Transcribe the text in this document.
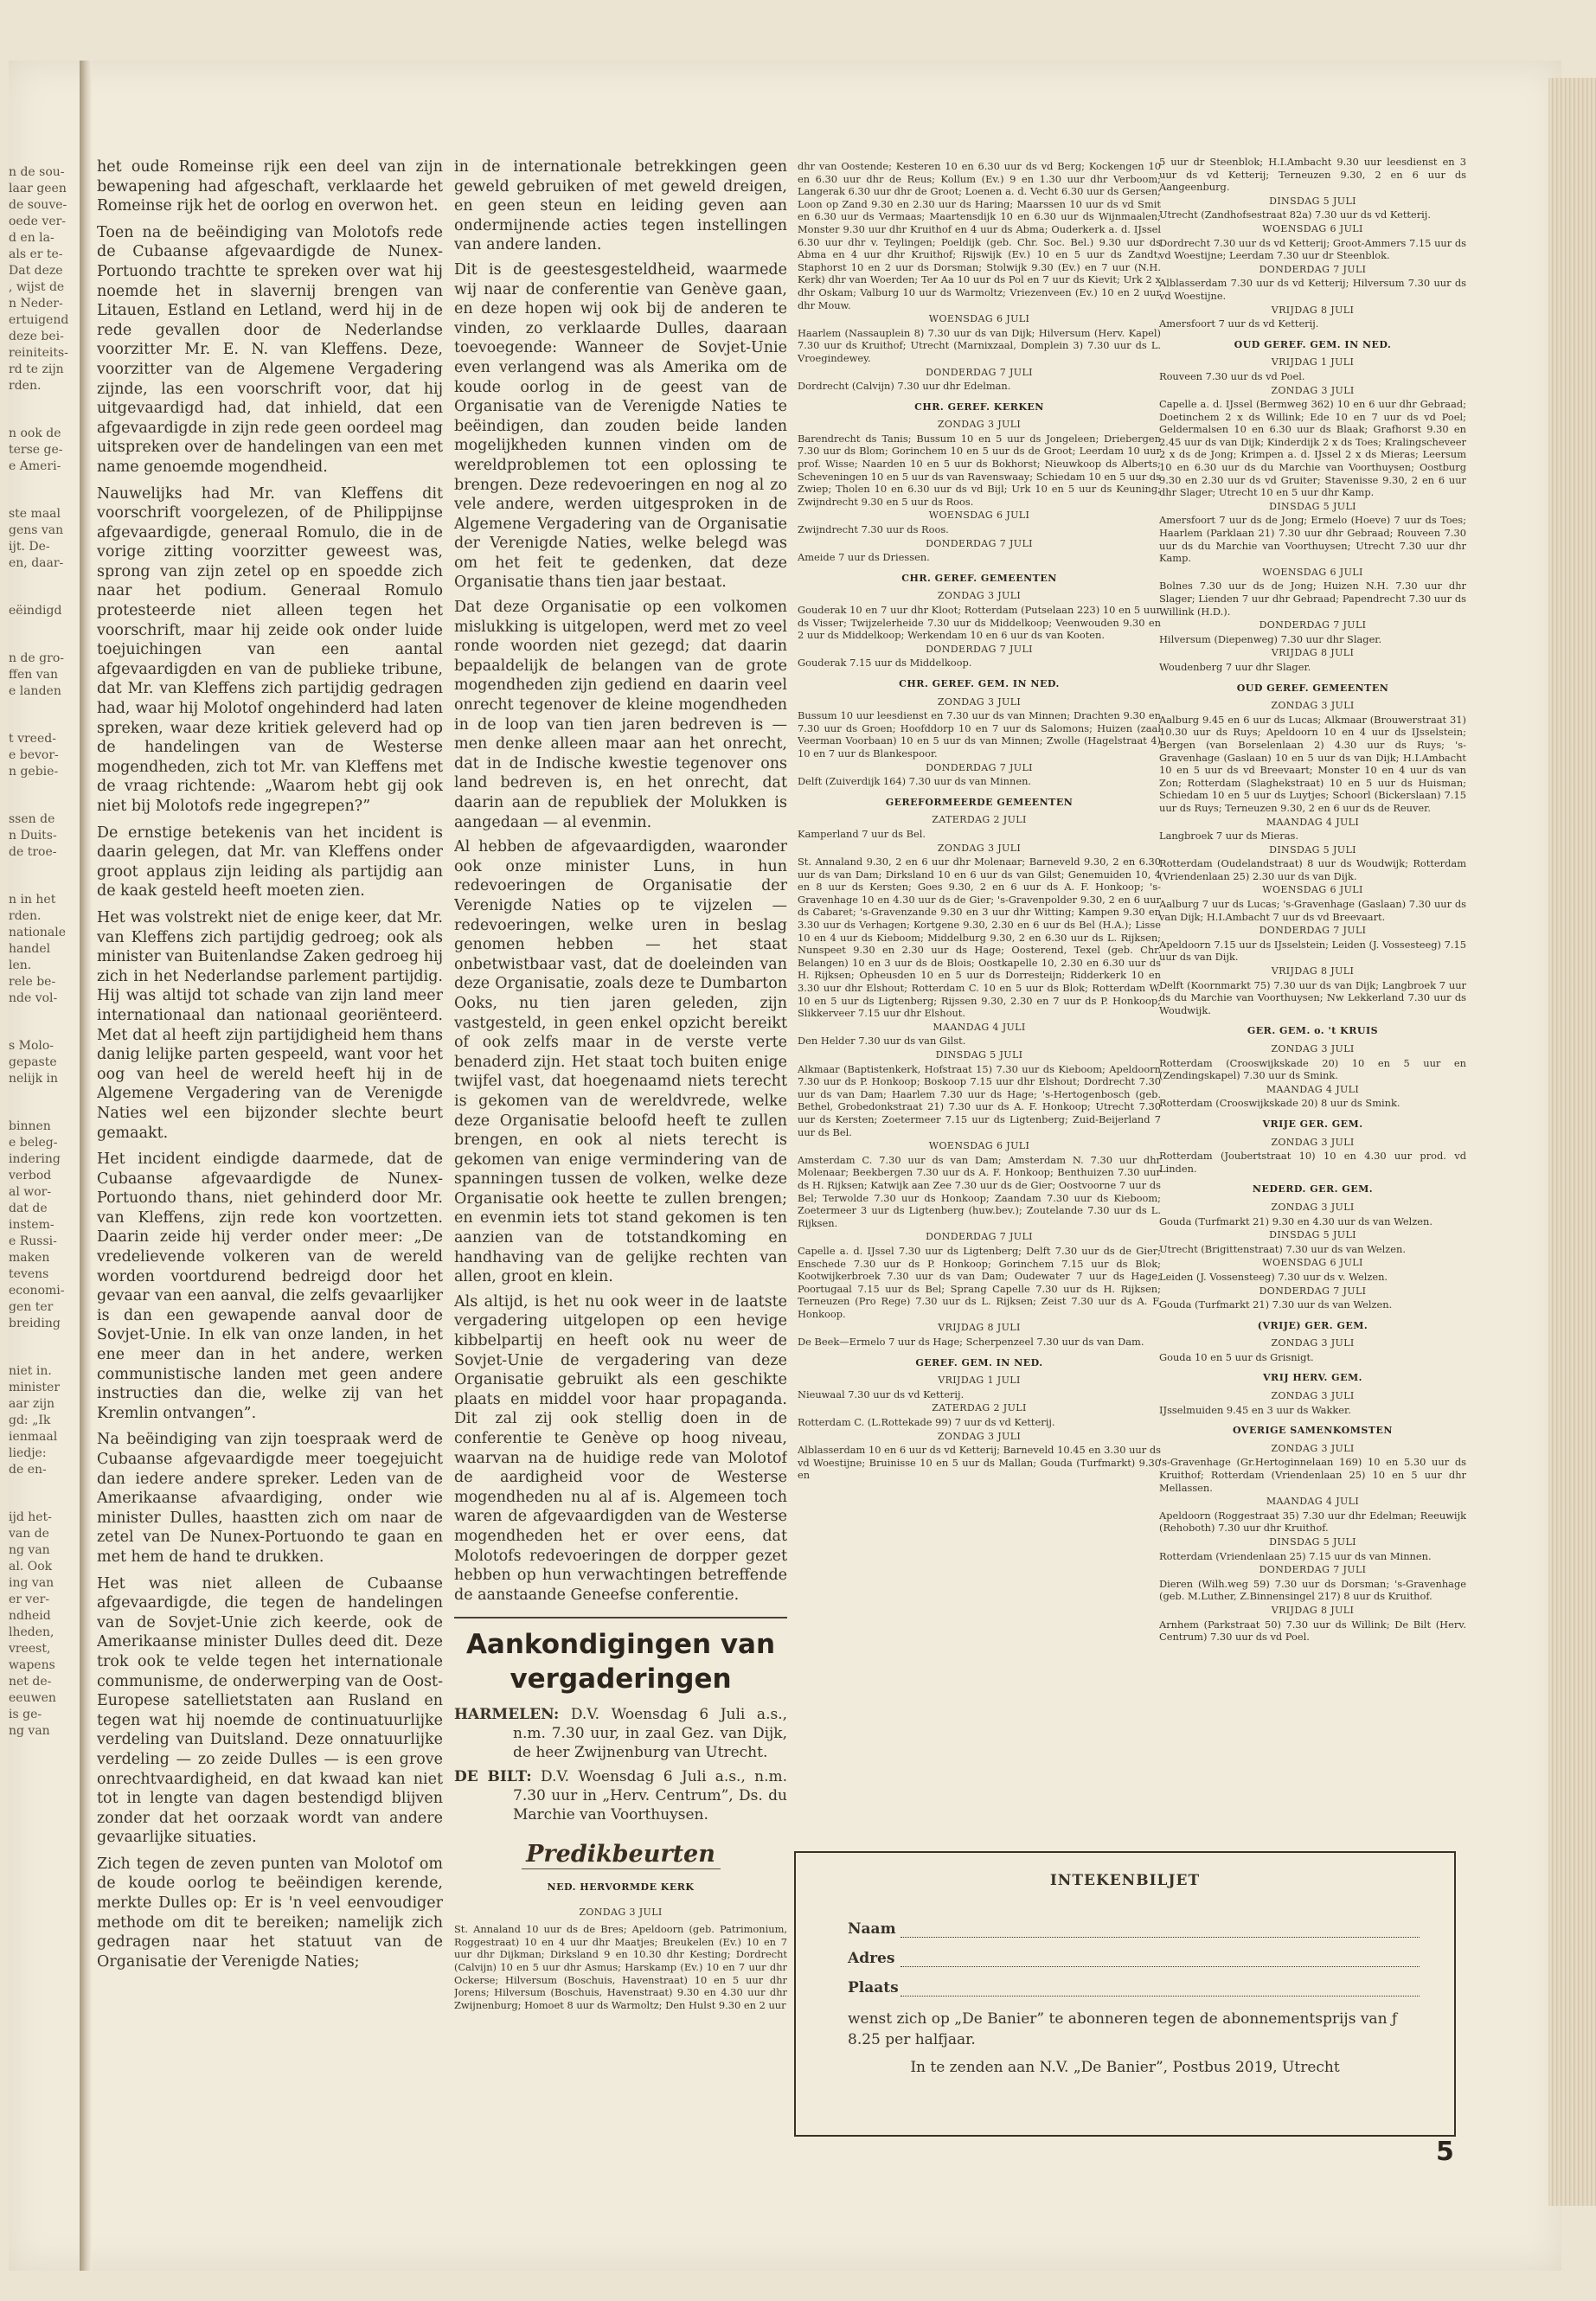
n de sou-
laar geen
de souve-
oede ver-
d en la-
als er te-
Dat deze
, wijst de
n Neder-
ertuigend
deze bei-
reiniteits-
rd te zijn
rden.

n ook de
terse ge-
e Ameri-

ste maal
gens van
ijt. De-
en, daar-

eëindigd

n de gro-
ffen van
e landen

t vreed-
e bevor-
n gebie-

ssen de
n Duits-
de troe-

n in het
rden.
nationale
handel
len.
rele be-
nde vol-

s Molo-
gepaste
nelijk in

binnen
e beleg-
indering
verbod
al wor-
dat de
instem-
e Russi-
maken
tevens
economi-
gen ter
breiding

niet in.
minister
aar zijn
gd: „Ik
ienmaal
liedje:
de en-

ijd het-
van de
ng van
al. Ook
ing van
er ver-
ndheid
lheden,
vreest,
wapens
net de-
eeuwen
is ge-
ng van

het oude Romeinse rijk een deel van zijn bewapening had afgeschaft, verklaarde het Romeinse rijk het de oorlog en overwon het.

Toen na de beëindiging van Molotofs rede de Cubaanse afgevaardigde de Nunex-Portuondo trachtte te spreken over wat hij noemde het in slavernij brengen van Litauen, Estland en Letland, werd hij in de rede gevallen door de Nederlandse voorzitter Mr. E. N. van Kleffens. Deze, voorzitter van de Algemene Vergadering zijnde, las een voorschrift voor, dat hij uitgevaardigd had, dat inhield, dat een afgevaardigde in zijn rede geen oordeel mag uitspreken over de handelingen van een met name genoemde mogendheid.

Nauwelijks had Mr. van Kleffens dit voorschrift voorgelezen, of de Philippijnse afgevaardigde, generaal Romulo, die in de vorige zitting voorzitter geweest was, sprong van zijn zetel op en spoedde zich naar het podium. Generaal Romulo protesteerde niet alleen tegen het voorschrift, maar hij zeide ook onder luide toejuichingen van een aantal afgevaardigden en van de publieke tribune, dat Mr. van Kleffens zich partijdig gedragen had, waar hij Molotof ongehinderd had laten spreken, waar deze kritiek geleverd had op de handelingen van de Westerse mogendheden, zich tot Mr. van Kleffens met de vraag richtende: „Waarom hebt gij ook niet bij Molotofs rede ingegrepen?”

De ernstige betekenis van het incident is daarin gelegen, dat Mr. van Kleffens onder groot applaus zijn leiding als partijdig aan de kaak gesteld heeft moeten zien.

Het was volstrekt niet de enige keer, dat Mr. van Kleffens zich partijdig gedroeg; ook als minister van Buitenlandse Zaken gedroeg hij zich in het Nederlandse parlement partijdig. Hij was altijd tot schade van zijn land meer internationaal dan nationaal georiënteerd. Met dat al heeft zijn partijdigheid hem thans danig lelijke parten gespeeld, want voor het oog van heel de wereld heeft hij in de Algemene Vergadering van de Verenigde Naties wel een bijzonder slechte beurt gemaakt.

Het incident eindigde daarmede, dat de Cubaanse afgevaardigde de Nunex-Portuondo thans, niet gehinderd door Mr. van Kleffens, zijn rede kon voortzetten. Daarin zeide hij verder onder meer: „De vredelievende volkeren van de wereld worden voortdurend bedreigd door het gevaar van een aanval, die zelfs gevaarlijker is dan een gewapende aanval door de Sovjet-Unie. In elk van onze landen, in het ene meer dan in het andere, werken communistische landen met geen andere instructies dan die, welke zij van het Kremlin ontvangen”.

Na beëindiging van zijn toespraak werd de Cubaanse afgevaardigde meer toegejuicht dan iedere andere spreker. Leden van de Amerikaanse afvaardiging, onder wie minister Dulles, haastten zich om naar de zetel van De Nunex-Portuondo te gaan en met hem de hand te drukken.

Het was niet alleen de Cubaanse afgevaardigde, die tegen de handelingen van de Sovjet-Unie zich keerde, ook de Amerikaanse minister Dulles deed dit. Deze trok ook te velde tegen het internationale communisme, de onderwerping van de Oost-Europese satellietstaten aan Rusland en tegen wat hij noemde de continuatuurlijke verdeling van Duitsland. Deze onnatuurlijke verdeling — zo zeide Dulles — is een grove onrechtvaardigheid, en dat kwaad kan niet tot in lengte van dagen bestendigd blijven zonder dat het oorzaak wordt van andere gevaarlijke situaties.

Zich tegen de zeven punten van Molotof om de koude oorlog te beëindigen kerende, merkte Dulles op: Er is 'n veel eenvoudiger methode om dit te bereiken; namelijk zich gedragen naar het statuut van de Organisatie der Verenigde Naties;

in de internationale betrekkingen geen geweld gebruiken of met geweld dreigen, en geen steun en leiding geven aan ondermijnende acties tegen instellingen van andere landen.

Dit is de geestesgesteldheid, waarmede wij naar de conferentie van Genève gaan, en deze hopen wij ook bij de anderen te vinden, zo verklaarde Dulles, daaraan toevoegende: Wanneer de Sovjet-Unie even verlangend was als Amerika om de koude oorlog in de geest van de Organisatie van de Verenigde Naties te beëindigen, dan zouden beide landen mogelijkheden kunnen vinden om de wereldproblemen tot een oplossing te brengen. Deze redevoeringen en nog al zo vele andere, werden uitgesproken in de Algemene Vergadering van de Organisatie der Verenigde Naties, welke belegd was om het feit te gedenken, dat deze Organisatie thans tien jaar bestaat.

Dat deze Organisatie op een volkomen mislukking is uitgelopen, werd met zo veel ronde woorden niet gezegd; dat daarin bepaaldelijk de belangen van de grote mogendheden zijn gediend en daarin veel onrecht tegenover de kleine mogendheden in de loop van tien jaren bedreven is — men denke alleen maar aan het onrecht, dat in de Indische kwestie tegenover ons land bedreven is, en het onrecht, dat daarin aan de republiek der Molukken is aangedaan — al evenmin.

Al hebben de afgevaardigden, waaronder ook onze minister Luns, in hun redevoeringen de Organisatie der Verenigde Naties op te vijzelen — redevoeringen, welke uren in beslag genomen hebben — het staat onbetwistbaar vast, dat de doeleinden van deze Organisatie, zoals deze te Dumbarton Ooks, nu tien jaren geleden, zijn vastgesteld, in geen enkel opzicht bereikt of ook zelfs maar in de verste verte benaderd zijn. Het staat toch buiten enige twijfel vast, dat hoegenaamd niets terecht is gekomen van de wereldvrede, welke deze Organisatie beloofd heeft te zullen brengen, en ook al niets terecht is gekomen van enige vermindering van de spanningen tussen de volken, welke deze Organisatie ook heette te zullen brengen; en evenmin iets tot stand gekomen is ten aanzien van de totstandkoming en handhaving van de gelijke rechten van allen, groot en klein.

Als altijd, is het nu ook weer in de laatste vergadering uitgelopen op een hevige kibbelpartij en heeft ook nu weer de Sovjet-Unie de vergadering van deze Organisatie gebruikt als een geschikte plaats en middel voor haar propaganda. Dit zal zij ook stellig doen in de conferentie te Genève op hoog niveau, waarvan na de huidige rede van Molotof de aardigheid voor de Westerse mogendheden nu al af is. Algemeen toch waren de afgevaardigden van de Westerse mogendheden het er over eens, dat Molotofs redevoeringen de dorpper gezet hebben op hun verwachtingen betreffende de aanstaande Geneefse conferentie.

Aankondigingen van vergaderingen
HARMELEN: D.V. Woensdag 6 Juli a.s., n.m. 7.30 uur, in zaal Gez. van Dijk, de heer Zwijnenburg van Utrecht.
DE BILT: D.V. Woensdag 6 Juli a.s., n.m. 7.30 uur in „Herv. Centrum”, Ds. du Marchie van Voorthuysen.
Predikbeurten
NED. HERVORMDE KERK
ZONDAG 3 JULI
St. Annaland 10 uur ds de Bres; Apeldoorn (geb. Patrimonium, Roggestraat) 10 en 4 uur dhr Maatjes; Breukelen (Ev.) 10 en 7 uur dhr Dijkman; Dirksland 9 en 10.30 dhr Kesting; Dordrecht (Calvijn) 10 en 5 uur dhr Asmus; Harskamp (Ev.) 10 en 7 uur dhr Ockerse; Hilversum (Boschuis, Havenstraat) 10 en 5 uur dhr Jorens; Hilversum (Boschuis, Havenstraat) 9.30 en 4.30 uur dhr Zwijnenburg; Homoet 8 uur ds Warmoltz; Den Hulst 9.30 en 2 uur

dhr van Oostende; Kesteren 10 en 6.30 uur ds vd Berg; Kockengen 10 en 6.30 uur dhr de Reus; Kollum (Ev.) 9 en 1.30 uur dhr Verboom; Langerak 6.30 uur dhr de Groot; Loenen a. d. Vecht 6.30 uur ds Gersen; Loon op Zand 9.30 en 2.30 uur ds Haring; Maarssen 10 uur ds vd Smit en 6.30 uur ds Vermaas; Maartensdijk 10 en 6.30 uur ds Wijnmaalen; Monster 9.30 uur dhr Kruithof en 4 uur ds Abma; Ouderkerk a. d. IJssel 6.30 uur dhr v. Teylingen; Poeldijk (geb. Chr. Soc. Bel.) 9.30 uur ds Abma en 4 uur dhr Kruithof; Rijswijk (Ev.) 10 en 5 uur ds Zandt; Staphorst 10 en 2 uur ds Dorsman; Stolwijk 9.30 (Ev.) en 7 uur (N.H. Kerk) dhr van Woerden; Ter Aa 10 uur ds Pol en 7 uur ds Kievit; Urk 2 x dhr Oskam; Valburg 10 uur ds Warmoltz; Vriezenveen (Ev.) 10 en 2 uur dhr Mouw.

WOENSDAG 6 JULI

Haarlem (Nassauplein 8) 7.30 uur ds van Dijk; Hilversum (Herv. Kapel) 7.30 uur ds Kruithof; Utrecht (Marnixzaal, Domplein 3) 7.30 uur ds L. Vroegindewey.

DONDERDAG 7 JULI

Dordrecht (Calvijn) 7.30 uur dhr Edelman.

CHR. GEREF. KERKEN
ZONDAG 3 JULI

Barendrecht ds Tanis; Bussum 10 en 5 uur ds Jongeleen; Driebergen 7.30 uur ds Blom; Gorinchem 10 en 5 uur ds de Groot; Leerdam 10 uur prof. Wisse; Naarden 10 en 5 uur ds Bokhorst; Nieuwkoop ds Alberts; Scheveningen 10 en 5 uur ds van Ravenswaay; Schiedam 10 en 5 uur ds Zwiep; Tholen 10 en 6.30 uur ds vd Bijl; Urk 10 en 5 uur ds Keuning; Zwijndrecht 9.30 en 5 uur ds Roos.

WOENSDAG 6 JULI

Zwijndrecht 7.30 uur ds Roos.

DONDERDAG 7 JULI

Ameide 7 uur ds Driessen.

CHR. GEREF. GEMEENTEN
ZONDAG 3 JULI

Gouderak 10 en 7 uur dhr Kloot; Rotterdam (Putselaan 223) 10 en 5 uur ds Visser; Twijzelerheide 7.30 uur ds Middelkoop; Veenwouden 9.30 en 2 uur ds Middelkoop; Werkendam 10 en 6 uur ds van Kooten.

DONDERDAG 7 JULI

Gouderak 7.15 uur ds Middelkoop.

CHR. GEREF. GEM. IN NED.
ZONDAG 3 JULI

Bussum 10 uur leesdienst en 7.30 uur ds van Minnen; Drachten 9.30 en 7.30 uur ds Groen; Hoofddorp 10 en 7 uur ds Salomons; Huizen (zaal Veerman Voorbaan) 10 en 5 uur ds van Minnen; Zwolle (Hagelstraat 4) 10 en 7 uur ds Blankespoor.

DONDERDAG 7 JULI

Delft (Zuiverdijk 164) 7.30 uur ds van Minnen.

GEREFORMEERDE GEMEENTEN
ZATERDAG 2 JULI

Kamperland 7 uur ds Bel.

ZONDAG 3 JULI

St. Annaland 9.30, 2 en 6 uur dhr Molenaar; Barneveld 9.30, 2 en 6.30 uur ds van Dam; Dirksland 10 en 6 uur ds van Gilst; Genemuiden 10, 4 en 8 uur ds Kersten; Goes 9.30, 2 en 6 uur ds A. F. Honkoop; 's-Gravenhage 10 en 4.30 uur ds de Gier; 's-Gravenpolder 9.30, 2 en 6 uur ds Cabaret; 's-Gravenzande 9.30 en 3 uur dhr Witting; Kampen 9.30 en 3.30 uur ds Verhagen; Kortgene 9.30, 2.30 en 6 uur ds Bel (H.A.); Lisse 10 en 4 uur ds Kieboom; Middelburg 9.30, 2 en 6.30 uur ds L. Rijksen; Nunspeet 9.30 en 2.30 uur ds Hage; Oosterend, Texel (geb. Chr. Belangen) 10 en 3 uur ds de Blois; Oostkapelle 10, 2.30 en 6.30 uur ds H. Rijksen; Opheusden 10 en 5 uur ds Dorresteijn; Ridderkerk 10 en 3.30 uur dhr Elshout; Rotterdam C. 10 en 5 uur ds Blok; Rotterdam W. 10 en 5 uur ds Ligtenberg; Rijssen 9.30, 2.30 en 7 uur ds P. Honkoop; Slikkerveer 7.15 uur dhr Elshout.

MAANDAG 4 JULI

Den Helder 7.30 uur ds van Gilst.

DINSDAG 5 JULI

Alkmaar (Baptistenkerk, Hofstraat 15) 7.30 uur ds Kieboom; Apeldoorn 7.30 uur ds P. Honkoop; Boskoop 7.15 uur dhr Elshout; Dordrecht 7.30 uur ds van Dam; Haarlem 7.30 uur ds Hage; 's-Hertogenbosch (geb. Bethel, Grobedonkstraat 21) 7.30 uur ds A. F. Honkoop; Utrecht 7.30 uur ds Kersten; Zoetermeer 7.15 uur ds Ligtenberg; Zuid-Beijerland 7 uur ds Bel.

WOENSDAG 6 JULI

Amsterdam C. 7.30 uur ds van Dam; Amsterdam N. 7.30 uur dhr Molenaar; Beekbergen 7.30 uur ds A. F. Honkoop; Benthuizen 7.30 uur ds H. Rijksen; Katwijk aan Zee 7.30 uur ds de Gier; Oostvoorne 7 uur ds Bel; Terwolde 7.30 uur ds Honkoop; Zaandam 7.30 uur ds Kieboom; Zoetermeer 3 uur ds Ligtenberg (huw.bev.); Zoutelande 7.30 uur ds L. Rijksen.

DONDERDAG 7 JULI

Capelle a. d. IJssel 7.30 uur ds Ligtenberg; Delft 7.30 uur ds de Gier; Enschede 7.30 uur ds P. Honkoop; Gorinchem 7.15 uur ds Blok; Kootwijkerbroek 7.30 uur ds van Dam; Oudewater 7 uur ds Hage; Poortugaal 7.15 uur ds Bel; Sprang Capelle 7.30 uur ds H. Rijksen; Terneuzen (Pro Rege) 7.30 uur ds L. Rijksen; Zeist 7.30 uur ds A. F. Honkoop.

VRIJDAG 8 JULI

De Beek—Ermelo 7 uur ds Hage; Scherpenzeel 7.30 uur ds van Dam.

GEREF. GEM. IN NED.
VRIJDAG 1 JULI

Nieuwaal 7.30 uur ds vd Ketterij.

ZATERDAG 2 JULI

Rotterdam C. (L.Rottekade 99) 7 uur ds vd Ketterij.

ZONDAG 3 JULI

Alblasserdam 10 en 6 uur ds vd Ketterij; Barneveld 10.45 en 3.30 uur ds vd Woestijne; Bruinisse 10 en 5 uur ds Mallan; Gouda (Turfmarkt) 9.30 en

5 uur dr Steenblok; H.I.Ambacht 9.30 uur leesdienst en 3 uur ds vd Ketterij; Terneuzen 9.30, 2 en 6 uur ds Aangeenburg.

DINSDAG 5 JULI

Utrecht (Zandhofsestraat 82a) 7.30 uur ds vd Ketterij.

WOENSDAG 6 JULI

Dordrecht 7.30 uur ds vd Ketterij; Groot-Ammers 7.15 uur ds vd Woestijne; Leerdam 7.30 uur dr Steenblok.

DONDERDAG 7 JULI

Alblasserdam 7.30 uur ds vd Ketterij; Hilversum 7.30 uur ds vd Woestijne.

VRIJDAG 8 JULI

Amersfoort 7 uur ds vd Ketterij.

OUD GEREF. GEM. IN NED.
VRIJDAG 1 JULI

Rouveen 7.30 uur ds vd Poel.

ZONDAG 3 JULI

Capelle a. d. IJssel (Bermweg 362) 10 en 6 uur dhr Gebraad; Doetinchem 2 x ds Willink; Ede 10 en 7 uur ds vd Poel; Geldermalsen 10 en 6.30 uur ds Blaak; Grafhorst 9.30 en 2.45 uur ds van Dijk; Kinderdijk 2 x ds Toes; Kralingscheveer 2 x ds de Jong; Krimpen a. d. IJssel 2 x ds Mieras; Leersum 10 en 6.30 uur ds du Marchie van Voorthuysen; Oostburg 9.30 en 2.30 uur ds vd Gruiter; Stavenisse 9.30, 2 en 6 uur dhr Slager; Utrecht 10 en 5 uur dhr Kamp.

DINSDAG 5 JULI

Amersfoort 7 uur ds de Jong; Ermelo (Hoeve) 7 uur ds Toes; Haarlem (Parklaan 21) 7.30 uur dhr Gebraad; Rouveen 7.30 uur ds du Marchie van Voorthuysen; Utrecht 7.30 uur dhr Kamp.

WOENSDAG 6 JULI

Bolnes 7.30 uur ds de Jong; Huizen N.H. 7.30 uur dhr Slager; Lienden 7 uur dhr Gebraad; Papendrecht 7.30 uur ds Willink (H.D.).

DONDERDAG 7 JULI

Hilversum (Diepenweg) 7.30 uur dhr Slager.

VRIJDAG 8 JULI

Woudenberg 7 uur dhr Slager.

OUD GEREF. GEMEENTEN
ZONDAG 3 JULI

Aalburg 9.45 en 6 uur ds Lucas; Alkmaar (Brouwerstraat 31) 10.30 uur ds Ruys; Apeldoorn 10 en 4 uur ds IJsselstein; Bergen (van Borselenlaan 2) 4.30 uur ds Ruys; 's-Gravenhage (Gaslaan) 10 en 5 uur ds van Dijk; H.I.Ambacht 10 en 5 uur ds vd Breevaart; Monster 10 en 4 uur ds van Zon; Rotterdam (Slaghekstraat) 10 en 5 uur ds Huisman; Schiedam 10 en 5 uur ds Luytjes; Schoorl (Bickerslaan) 7.15 uur ds Ruys; Terneuzen 9.30, 2 en 6 uur ds de Reuver.

MAANDAG 4 JULI

Langbroek 7 uur ds Mieras.

DINSDAG 5 JULI

Rotterdam (Oudelandstraat) 8 uur ds Woudwijk; Rotterdam (Vriendenlaan 25) 2.30 uur ds van Dijk.

WOENSDAG 6 JULI

Aalburg 7 uur ds Lucas; 's-Gravenhage (Gaslaan) 7.30 uur ds van Dijk; H.I.Ambacht 7 uur ds vd Breevaart.

DONDERDAG 7 JULI

Apeldoorn 7.15 uur ds IJsselstein; Leiden (J. Vossesteeg) 7.15 uur ds van Dijk.

VRIJDAG 8 JULI

Delft (Koornmarkt 75) 7.30 uur ds van Dijk; Langbroek 7 uur ds du Marchie van Voorthuysen; Nw Lekkerland 7.30 uur ds Woudwijk.

GER. GEM. o. 't KRUIS
ZONDAG 3 JULI

Rotterdam (Crooswijkskade 20) 10 en 5 uur en (Zendingskapel) 7.30 uur ds Smink.

MAANDAG 4 JULI

Rotterdam (Crooswijkskade 20) 8 uur ds Smink.

VRIJE GER. GEM.
ZONDAG 3 JULI

Rotterdam (Joubertstraat 10) 10 en 4.30 uur prod. vd Linden.

NEDERD. GER. GEM.
ZONDAG 3 JULI

Gouda (Turfmarkt 21) 9.30 en 4.30 uur ds van Welzen.

DINSDAG 5 JULI

Utrecht (Brigittenstraat) 7.30 uur ds van Welzen.

WOENSDAG 6 JULI

Leiden (J. Vossensteeg) 7.30 uur ds v. Welzen.

DONDERDAG 7 JULI

Gouda (Turfmarkt 21) 7.30 uur ds van Welzen.

(VRIJE) GER. GEM.
ZONDAG 3 JULI

Gouda 10 en 5 uur ds Grisnigt.

VRIJ HERV. GEM.
ZONDAG 3 JULI

IJsselmuiden 9.45 en 3 uur ds Wakker.

OVERIGE SAMENKOMSTEN
ZONDAG 3 JULI

's-Gravenhage (Gr.Hertoginnelaan 169) 10 en 5.30 uur ds Kruithof; Rotterdam (Vriendenlaan 25) 10 en 5 uur dhr Mellassen.

MAANDAG 4 JULI

Apeldoorn (Roggestraat 35) 7.30 uur dhr Edelman; Reeuwijk (Rehoboth) 7.30 uur dhr Kruithof.

DINSDAG 5 JULI

Rotterdam (Vriendenlaan 25) 7.15 uur ds van Minnen.

DONDERDAG 7 JULI

Dieren (Wilh.weg 59) 7.30 uur ds Dorsman; 's-Gravenhage (geb. M.Luther, Z.Binnensingel 217) 8 uur ds Kruithof.

VRIJDAG 8 JULI

Arnhem (Parkstraat 50) 7.30 uur ds Willink; De Bilt (Herv. Centrum) 7.30 uur ds vd Poel.

INTEKENBILJET
Naam
Adres
Plaats
wenst zich op „De Banier” te abonneren tegen de abonnementsprijs van ƒ 8.25 per halfjaar.
In te zenden aan N.V. „De Banier”, Postbus 2019, Utrecht
5
